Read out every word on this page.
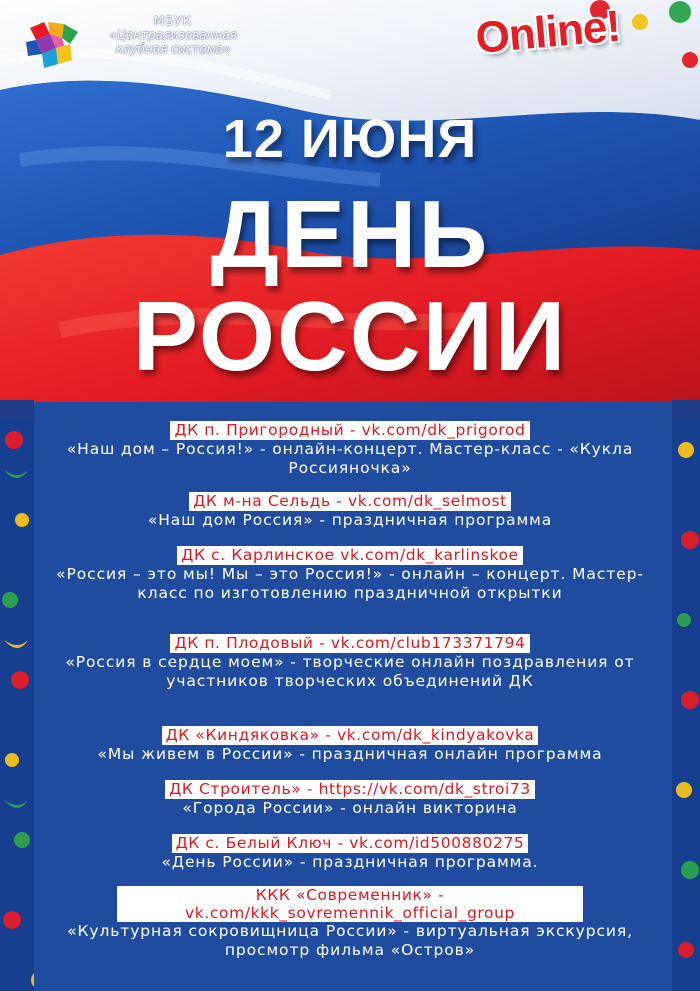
МБУК
«Централизованная
клубная система»	Online!
12 ИЮНЯ
ДЕНЬ
РОССИИ
ДК п. Пригородный - vk.com/dk_prigorod
«Наш дом – Россия!» - онлайн-концерт. Мастер-класс - «Кукла Россияночка»
ДК м-на Сельдь - vk.com/dk_selmost
«Наш дом Россия» - праздничная программа
ДК с. Карлинское vk.com/dk_karlinskoe
«Россия – это мы! Мы – это Россия!» - онлайн – концерт. Мастер-класс по изготовлению праздничной открытки
ДК п. Плодовый - vk.com/club173371794
«Россия в сердце моем» - творческие онлайн поздравления от участников творческих объединений ДК
ДК «Киндяковка» - vk.com/dk_kindyakovka
«Мы живем в России» - праздничная онлайн программа
ДК Строитель» - https://vk.com/dk_stroi73
«Города России» - онлайн викторина
ДК с. Белый Ключ - vk.com/id500880275
«День России» - праздничная программа.
ККК «Современник» - vk.com/kkk_sovremennik_official_group
«Культурная сокровищница России» - виртуальная экскурсия, просмотр фильма «Остров»
